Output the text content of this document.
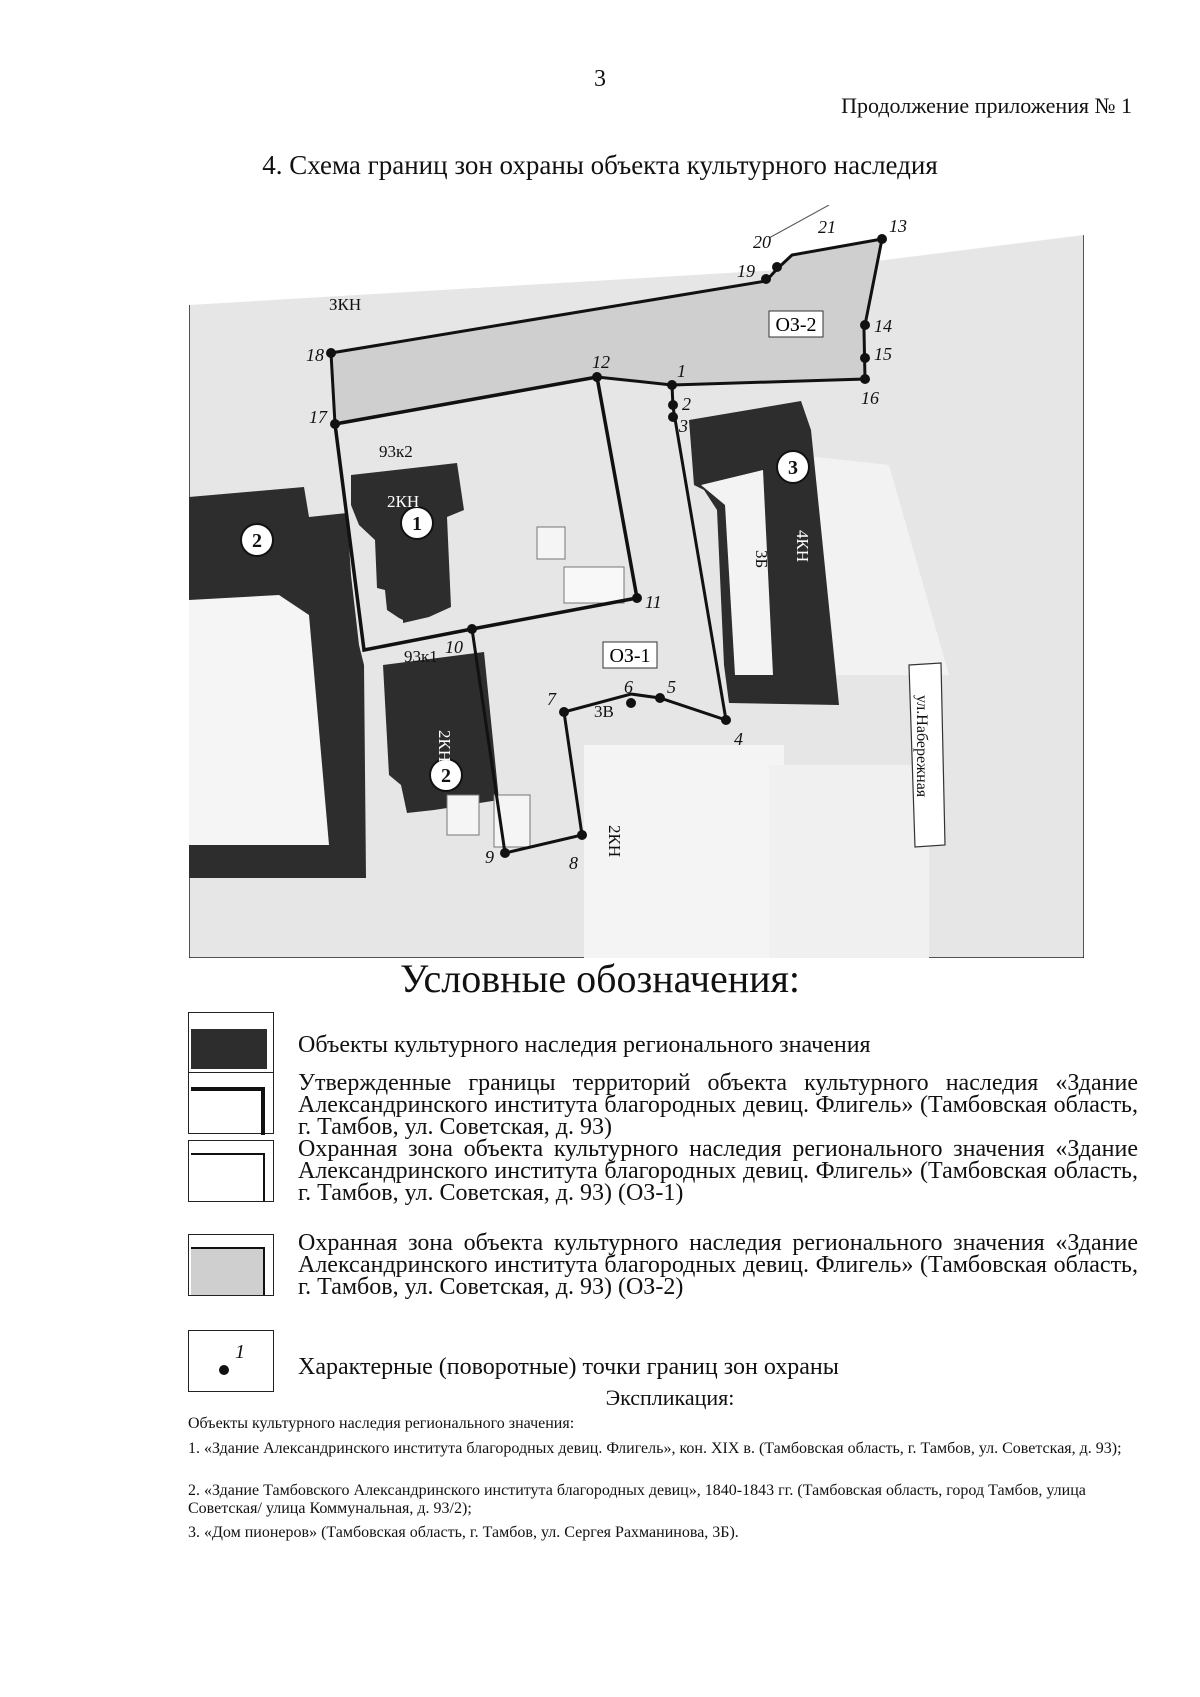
3
Продолжение приложения № 1
4. Схема границ зон охраны объекта культурного наследия
1
2
2
3
ОЗ-2
ОЗ-1
ЗКН
93к2
93к1
3В
2КН
2КН
2КН
4КН
3Б
ул.Набережная
1
2
3
4
5
6
7
8
9
10
11
12
13
14
15
16
17
18
19
20
21
Условные обозначения:
Объекты культурного наследия регионального значения
Утвержденные границы территорий объекта культурного наследия «Здание Александринского института благородных девиц. Флигель» (Тамбовская область, г. Тамбов, ул. Советская, д. 93)
Охранная зона объекта культурного наследия регионального значения «Здание Александринского института благородных девиц. Флигель» (Тамбовская область, г. Тамбов, ул. Советская, д. 93) (ОЗ-1)
Охранная зона объекта культурного наследия регионального значения «Здание Александринского института благородных девиц. Флигель» (Тамбовская область, г. Тамбов, ул. Советская, д. 93) (ОЗ-2)
1
Характерные (поворотные) точки границ зон охраны
Экспликация:
Объекты культурного наследия регионального значения:
1. «Здание Александринского института благородных девиц. Флигель», кон. XIX в. (Тамбовская область, г. Тамбов, ул. Советская, д. 93);
2. «Здание Тамбовского Александринского института благородных девиц», 1840-1843 гг. (Тамбовская область, город Тамбов, улица Советская/ улица Коммунальная, д. 93/2);
3. «Дом пионеров» (Тамбовская область, г. Тамбов, ул. Сергея Рахманинова, 3Б).
